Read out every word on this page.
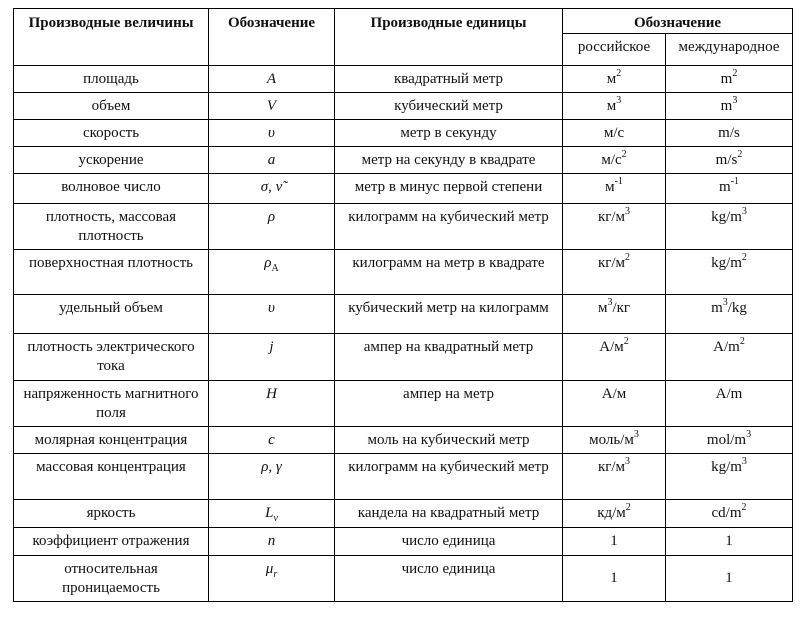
Производные величины	Обозначение	Производные единицы	Обозначение	
			российское	международное
площадь	A	квадратный метр	$м^2$	$m^2$
объем	V	кубический метр	$м^3$	$m^3$
скорость	υ	метр в секунду	м/с	m/s
ускорение	a	метр на секунду в квадрате	$м/с^2$	$m/s^2$
волновое число	σ, ν̃	метр в минус первой степени	$м^{-1}$	$m^{-1}$
плотность, массовая плотность	ρ	килограмм на кубический метр	$кг/м^3$	$kg/m^3$
поверхностная плотность	$\rho_A$	килограмм на метр в квадрате	$кг/м^2$	$kg/m^2$
удельный объем	υ	кубический метр на килограмм	$м^3/кг$	$m^3/kg$
плотность электрического тока	j	ампер на квадратный метр	$А/м^2$	$A/m^2$
напряженность магнитного поля	H	ампер на метр	А/м	A/m
молярная концентрация	c	моль на кубический метр	моль/$м^3$	mol/$m^3$
массовая концентрация	ρ, γ	килограмм на кубический метр	$кг/м^3$	$kg/m^3$
яркость	$L_v$	кандела на квадратный метр	$кд/м^2$	$cd/m^2$
коэффициент отражения	n	число единица	1	1
относительная проницаемость	$\mu_r$	число единица	1	1
